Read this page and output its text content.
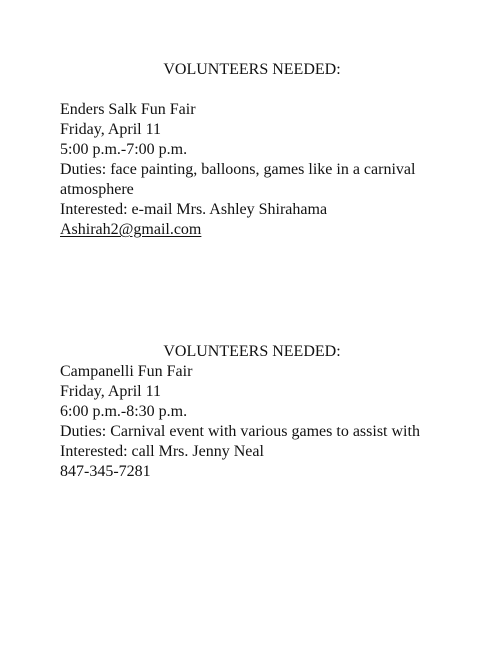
VOLUNTEERS NEEDED:
Enders Salk Fun Fair
Friday, April 11
5:00 p.m.-7:00 p.m.
Duties: face painting, balloons, games like in a carnival atmosphere
Interested: e-mail Mrs. Ashley Shirahama
Ashirah2@gmail.com
VOLUNTEERS NEEDED:
Campanelli Fun Fair
Friday, April 11
6:00 p.m.-8:30 p.m.
Duties: Carnival event with various games to assist with
Interested: call Mrs. Jenny Neal
847-345-7281
